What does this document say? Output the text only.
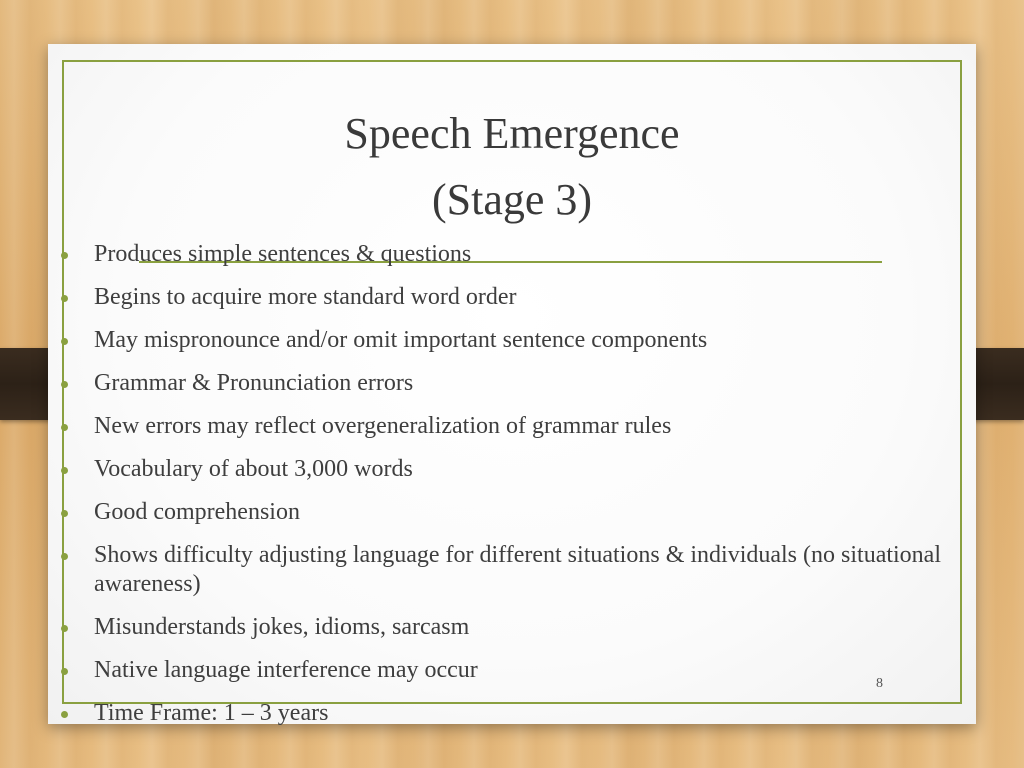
Speech Emergence
(Stage 3)
Produces simple sentences & questions
Begins to acquire more standard word order
May mispronounce and/or omit important sentence components
Grammar & Pronunciation errors
New errors may reflect overgeneralization of grammar rules
Vocabulary of about 3,000 words
Good comprehension
Shows difficulty adjusting language for different situations & individuals (no situational awareness)
Misunderstands jokes, idioms, sarcasm
Native language interference may occur
Time Frame: 1 – 3 years
8
